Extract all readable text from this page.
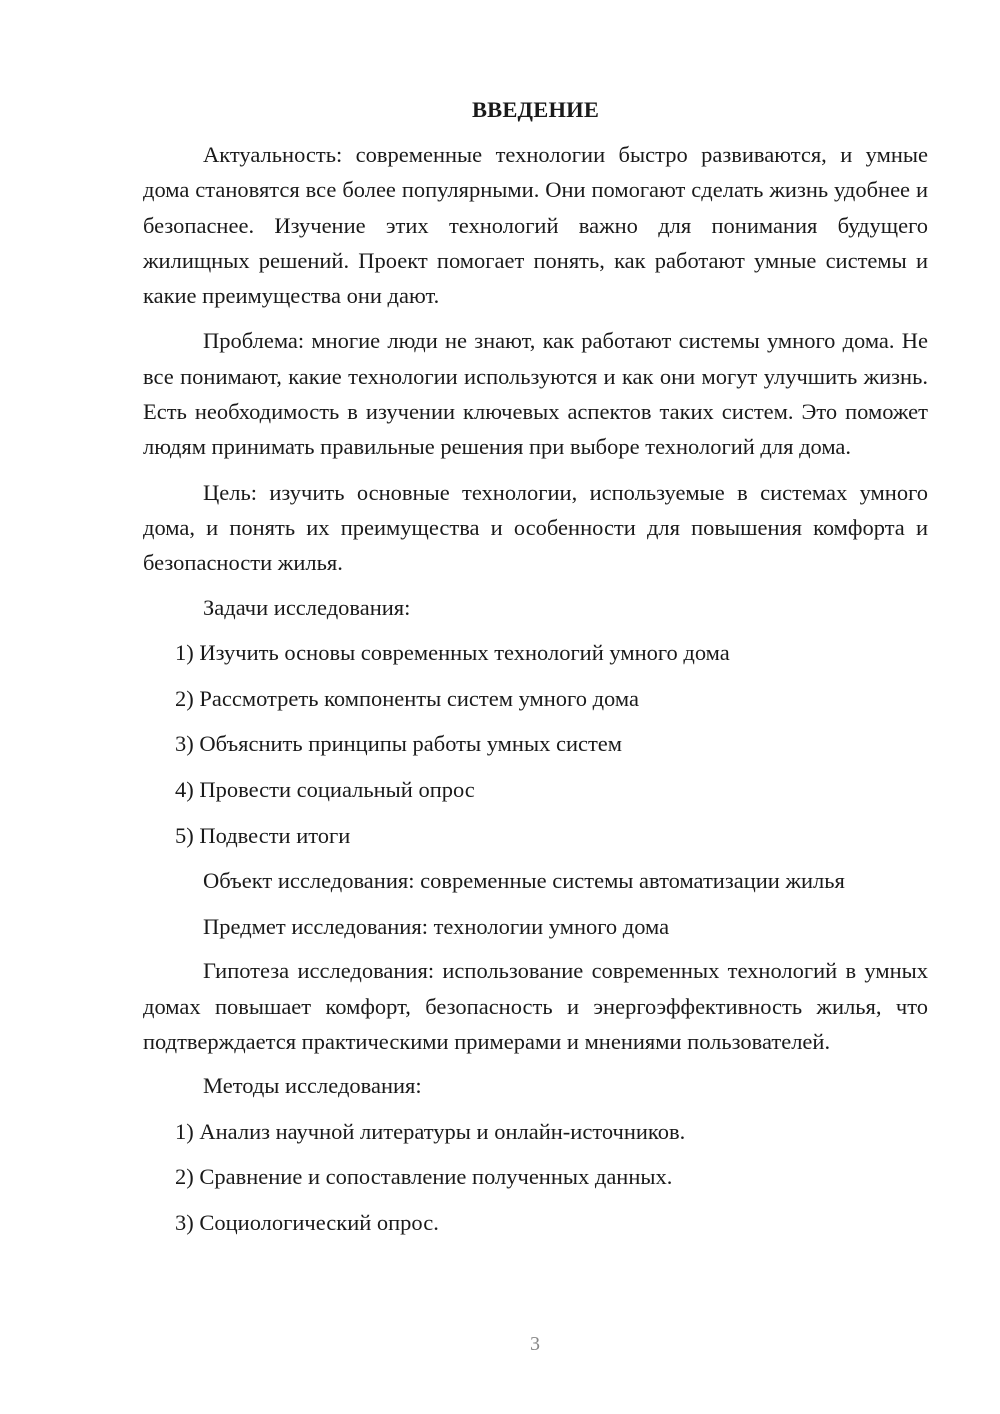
ВВЕДЕНИЕ

Актуальность: современные технологии быстро развиваются, и умные дома становятся все более популярными. Они помогают сделать жизнь удобнее и безопаснее. Изучение этих технологий важно для понимания будущего жилищных решений. Проект помогает понять, как работают умные системы и какие преимущества они дают.

Проблема: многие люди не знают, как работают системы умного дома. Не все понимают, какие технологии используются и как они могут улучшить жизнь. Есть необходимость в изучении ключевых аспектов таких систем. Это поможет людям принимать правильные решения при выборе технологий для дома.

Цель: изучить основные технологии, используемые в системах умного дома, и понять их преимущества и особенности для повышения комфорта и безопасности жилья.

Задачи исследования:

1) Изучить основы современных технологий умного дома

2) Рассмотреть компоненты систем умного дома

3) Объяснить принципы работы умных систем

4) Провести социальный опрос

5) Подвести итоги

Объект исследования: современные системы автоматизации жилья

Предмет исследования: технологии умного дома

Гипотеза исследования: использование современных технологий в умных домах повышает комфорт, безопасность и энергоэффективность жилья, что подтверждается практическими примерами и мнениями пользователей.

Методы исследования:

1) Анализ научной литературы и онлайн-источников.

2) Сравнение и сопоставление полученных данных.

3) Социологический опрос.

3
